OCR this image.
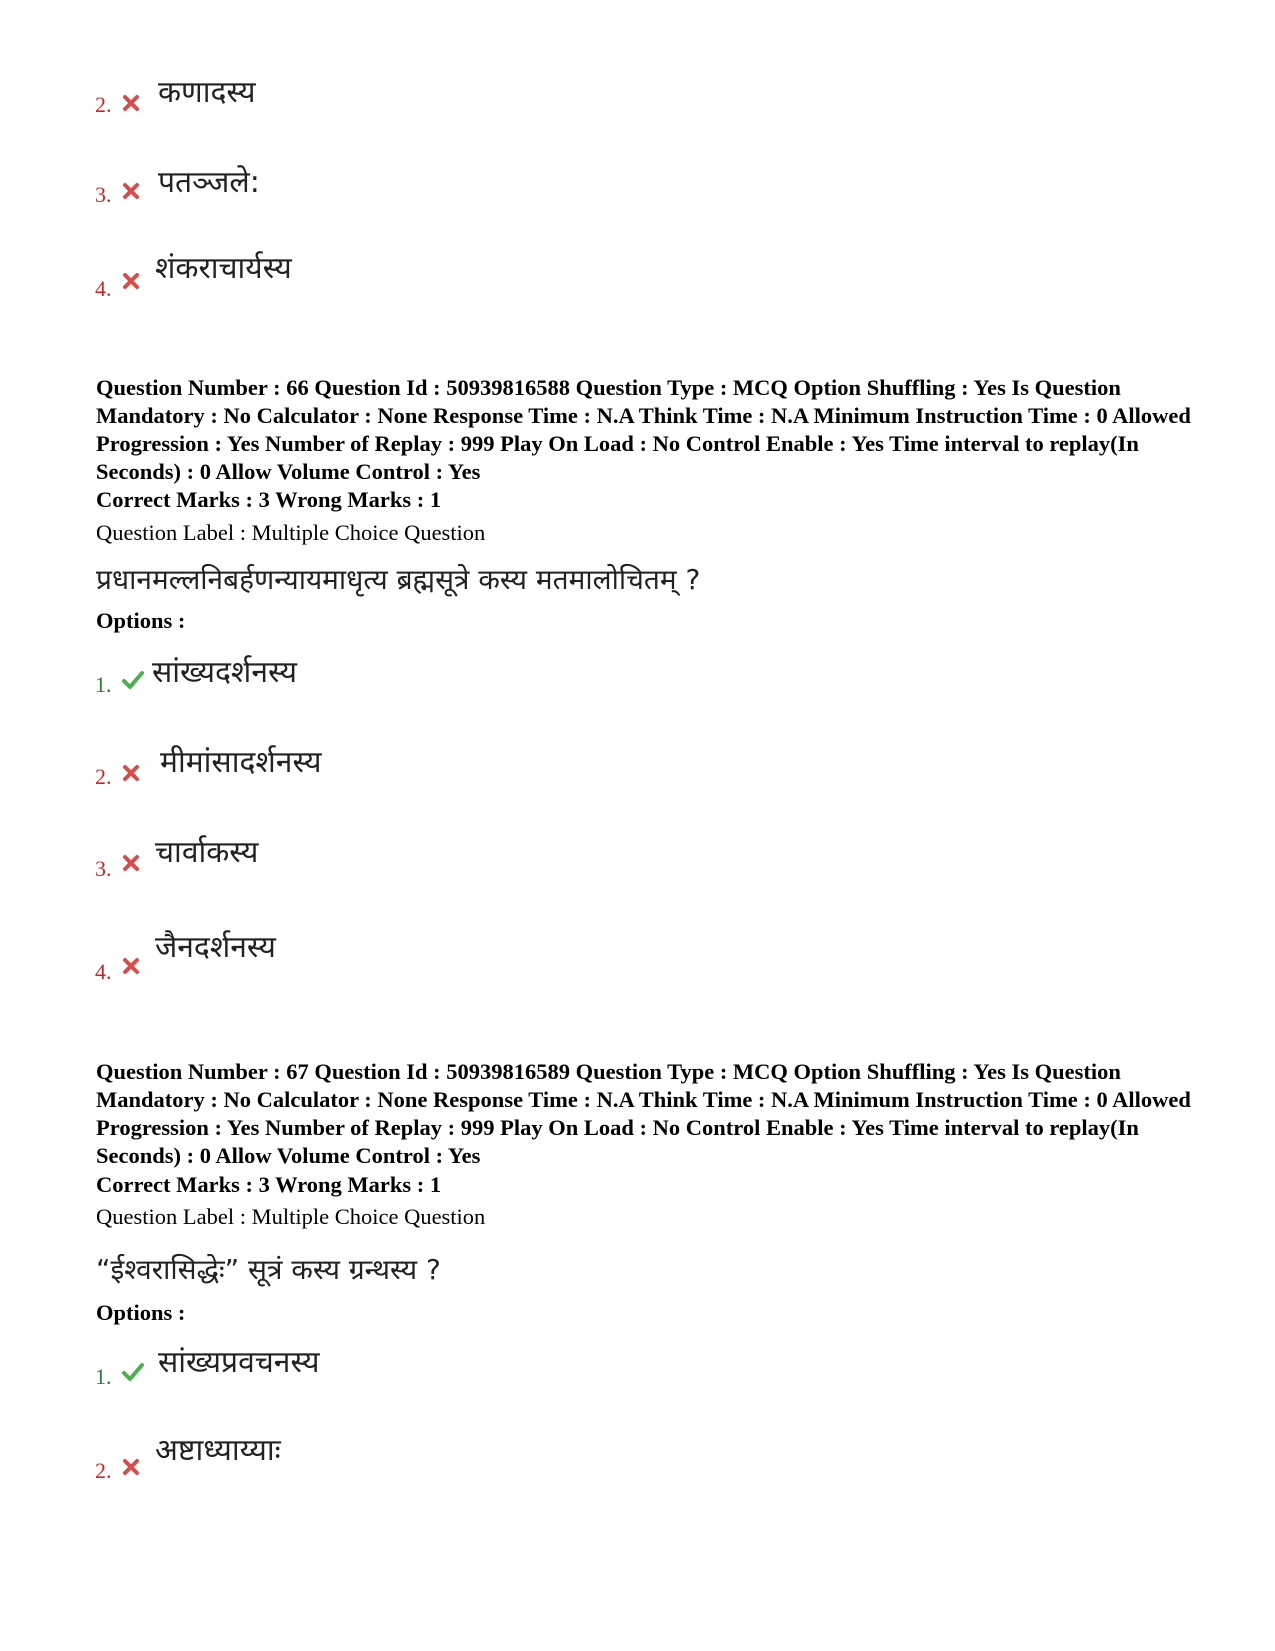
कणादस्य
2.
पतञ्जले:
3.
शंकराचार्यस्य
4.
Question Number : 66 Question Id : 50939816588 Question Type : MCQ Option Shuffling : Yes Is Question Mandatory : No Calculator : None Response Time : N.A Think Time : N.A Minimum Instruction Time : 0 Allowed Progression : Yes Number of Replay : 999 Play On Load : No Control Enable : Yes Time interval to replay(In Seconds) : 0 Allow Volume Control : Yes
Correct Marks : 3 Wrong Marks : 1
Question Label : Multiple Choice Question
प्रधानमल्लनिबर्हणन्यायमाधृत्य ब्रह्मसूत्रे कस्य मतमालोचितम् ?
Options :
सांख्यदर्शनस्य
1.
मीमांसादर्शनस्य
2.
चार्वाकस्य
3.
जैनदर्शनस्य
4.
Question Number : 67 Question Id : 50939816589 Question Type : MCQ Option Shuffling : Yes Is Question Mandatory : No Calculator : None Response Time : N.A Think Time : N.A Minimum Instruction Time : 0 Allowed Progression : Yes Number of Replay : 999 Play On Load : No Control Enable : Yes Time interval to replay(In Seconds) : 0 Allow Volume Control : Yes
Correct Marks : 3 Wrong Marks : 1
Question Label : Multiple Choice Question
“ईश्वरासिद्धेः” सूत्रं कस्य ग्रन्थस्य ?
Options :
सांख्यप्रवचनस्य
1.
अष्टाध्याय्याः
2.
